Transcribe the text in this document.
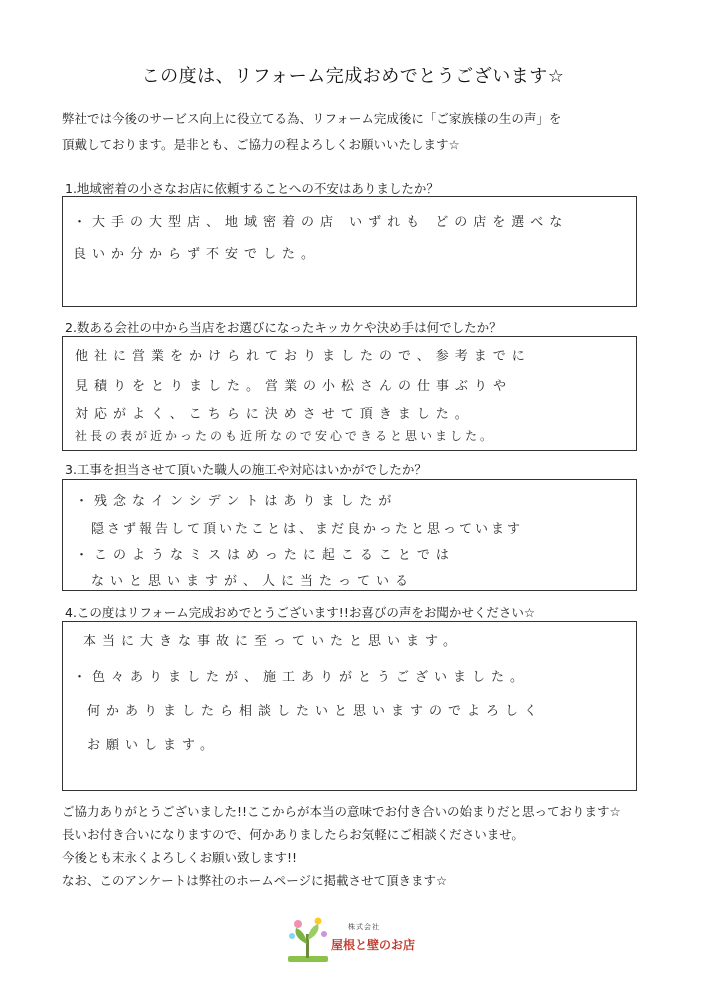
この度は、リフォーム完成おめでとうございます☆

弊社では今後のサービス向上に役立てる為、リフォーム完成後に「ご家族様の生の声」を

頂戴しております。是非とも、ご協力の程よろしくお願いいたします☆

1.地域密着の小さなお店に依頼することへの不安はありましたか？
・大手の大型店、地域密着の店 いずれも どの店を選べな
良いか分からず不安でした。
2.数ある会社の中から当店をお選びになったキッカケや決め手は何でしたか？
他社に営業をかけられておりましたので、参考までに
見積りをとりました。営業の小松さんの仕事ぶりや
対応がよく、こちらに決めさせて頂きました。
社長の表が近かったのも近所なので安心できると思いました。
3.工事を担当させて頂いた職人の施工や対応はいかがでしたか？
・残念なインシデントはありましたが
隠さず報告して頂いたことは、まだ良かったと思っています
・このようなミスはめったに起こることでは
ないと思いますが、人に当たっている
4.この度はリフォーム完成おめでとうございます!!お喜びの声をお聞かせください☆
本当に大きな事故に至っていたと思います。
・色々ありましたが、施工ありがとうございました。
何かありましたら相談したいと思いますのでよろしく
お願いします。

ご協力ありがとうございました!!ここからが本当の意味でお付き合いの始まりだと思っております☆

長いお付き合いになりますので、何かありましたらお気軽にご相談くださいませ。

今後とも末永くよろしくお願い致します!!

なお、このアンケートは弊社のホームページに掲載させて頂きます☆

株式会社
屋根と壁のお店
